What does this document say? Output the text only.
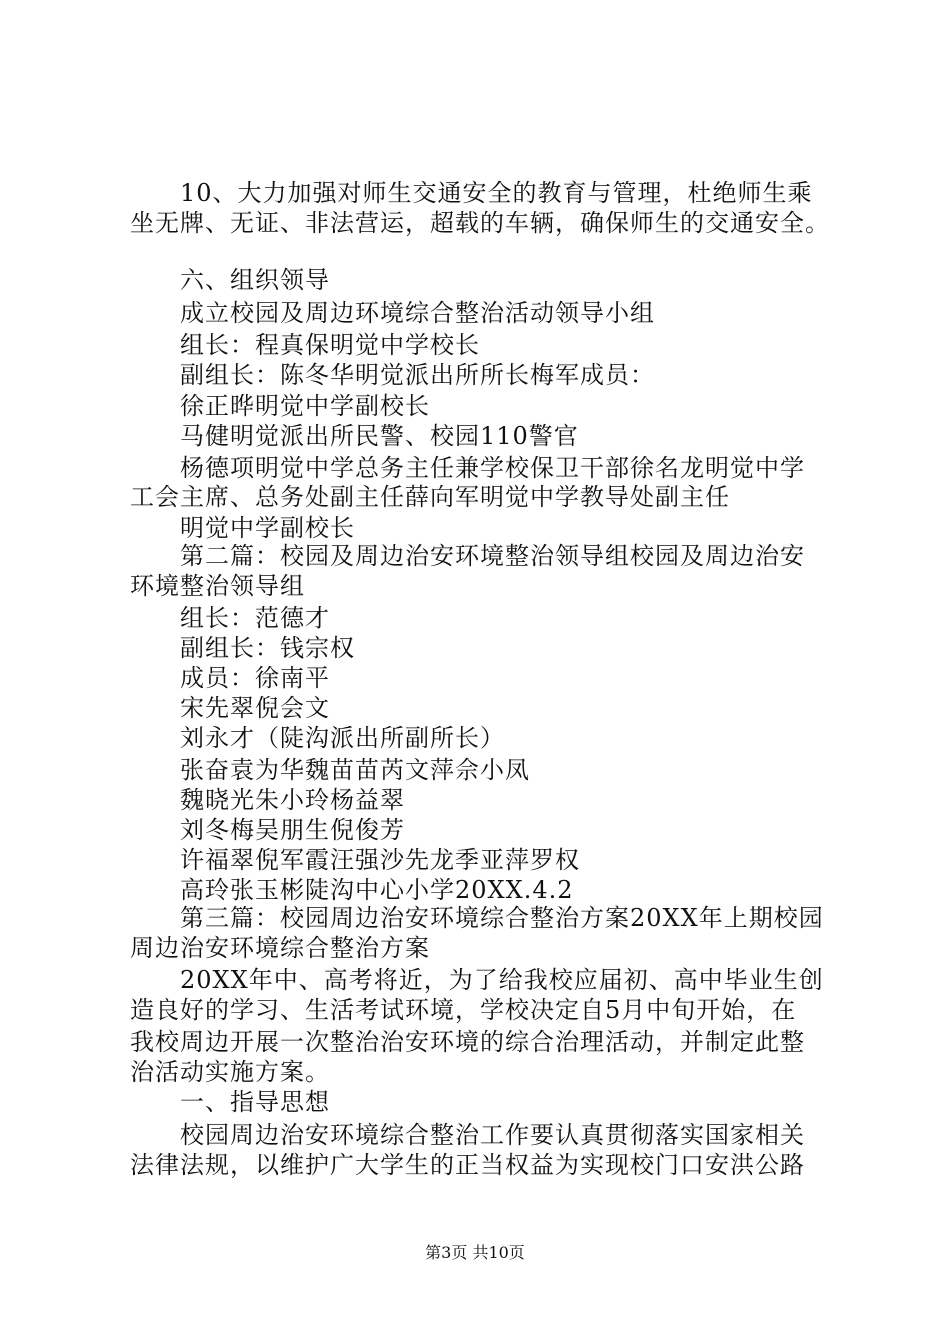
10、大力加强对师生交通安全的教育与管理，杜绝师生乘
坐无牌、无证、非法营运，超载的车辆，确保师生的交通安全。
六、组织领导
成立校园及周边环境综合整治活动领导小组
组长：程真保明觉中学校长
副组长：陈冬华明觉派出所所长梅军成员：
徐正晔明觉中学副校长
马健明觉派出所民警、校园110警官
杨德项明觉中学总务主任兼学校保卫干部徐名龙明觉中学
工会主席、总务处副主任薛向军明觉中学教导处副主任
明觉中学副校长
第二篇：校园及周边治安环境整治领导组校园及周边治安
环境整治领导组
组长：范德才
副组长：钱宗权
成员：徐南平
宋先翠倪会文
刘永才（陡沟派出所副所长）
张奋袁为华魏苗苗芮文萍佘小凤
魏晓光朱小玲杨益翠
刘冬梅吴朋生倪俊芳
许福翠倪军霞汪强沙先龙季亚萍罗权
高玲张玉彬陡沟中心小学20XX.4.2
第三篇：校园周边治安环境综合整治方案20XX年上期校园
周边治安环境综合整治方案
20XX年中、高考将近，为了给我校应届初、高中毕业生创
造良好的学习、生活考试环境，学校决定自5月中旬开始，在
我校周边开展一次整治治安环境的综合治理活动，并制定此整
治活动实施方案。
一、指导思想
校园周边治安环境综合整治工作要认真贯彻落实国家相关
法律法规，以维护广大学生的正当权益为实现校门口安洪公路
第3页 共10页
